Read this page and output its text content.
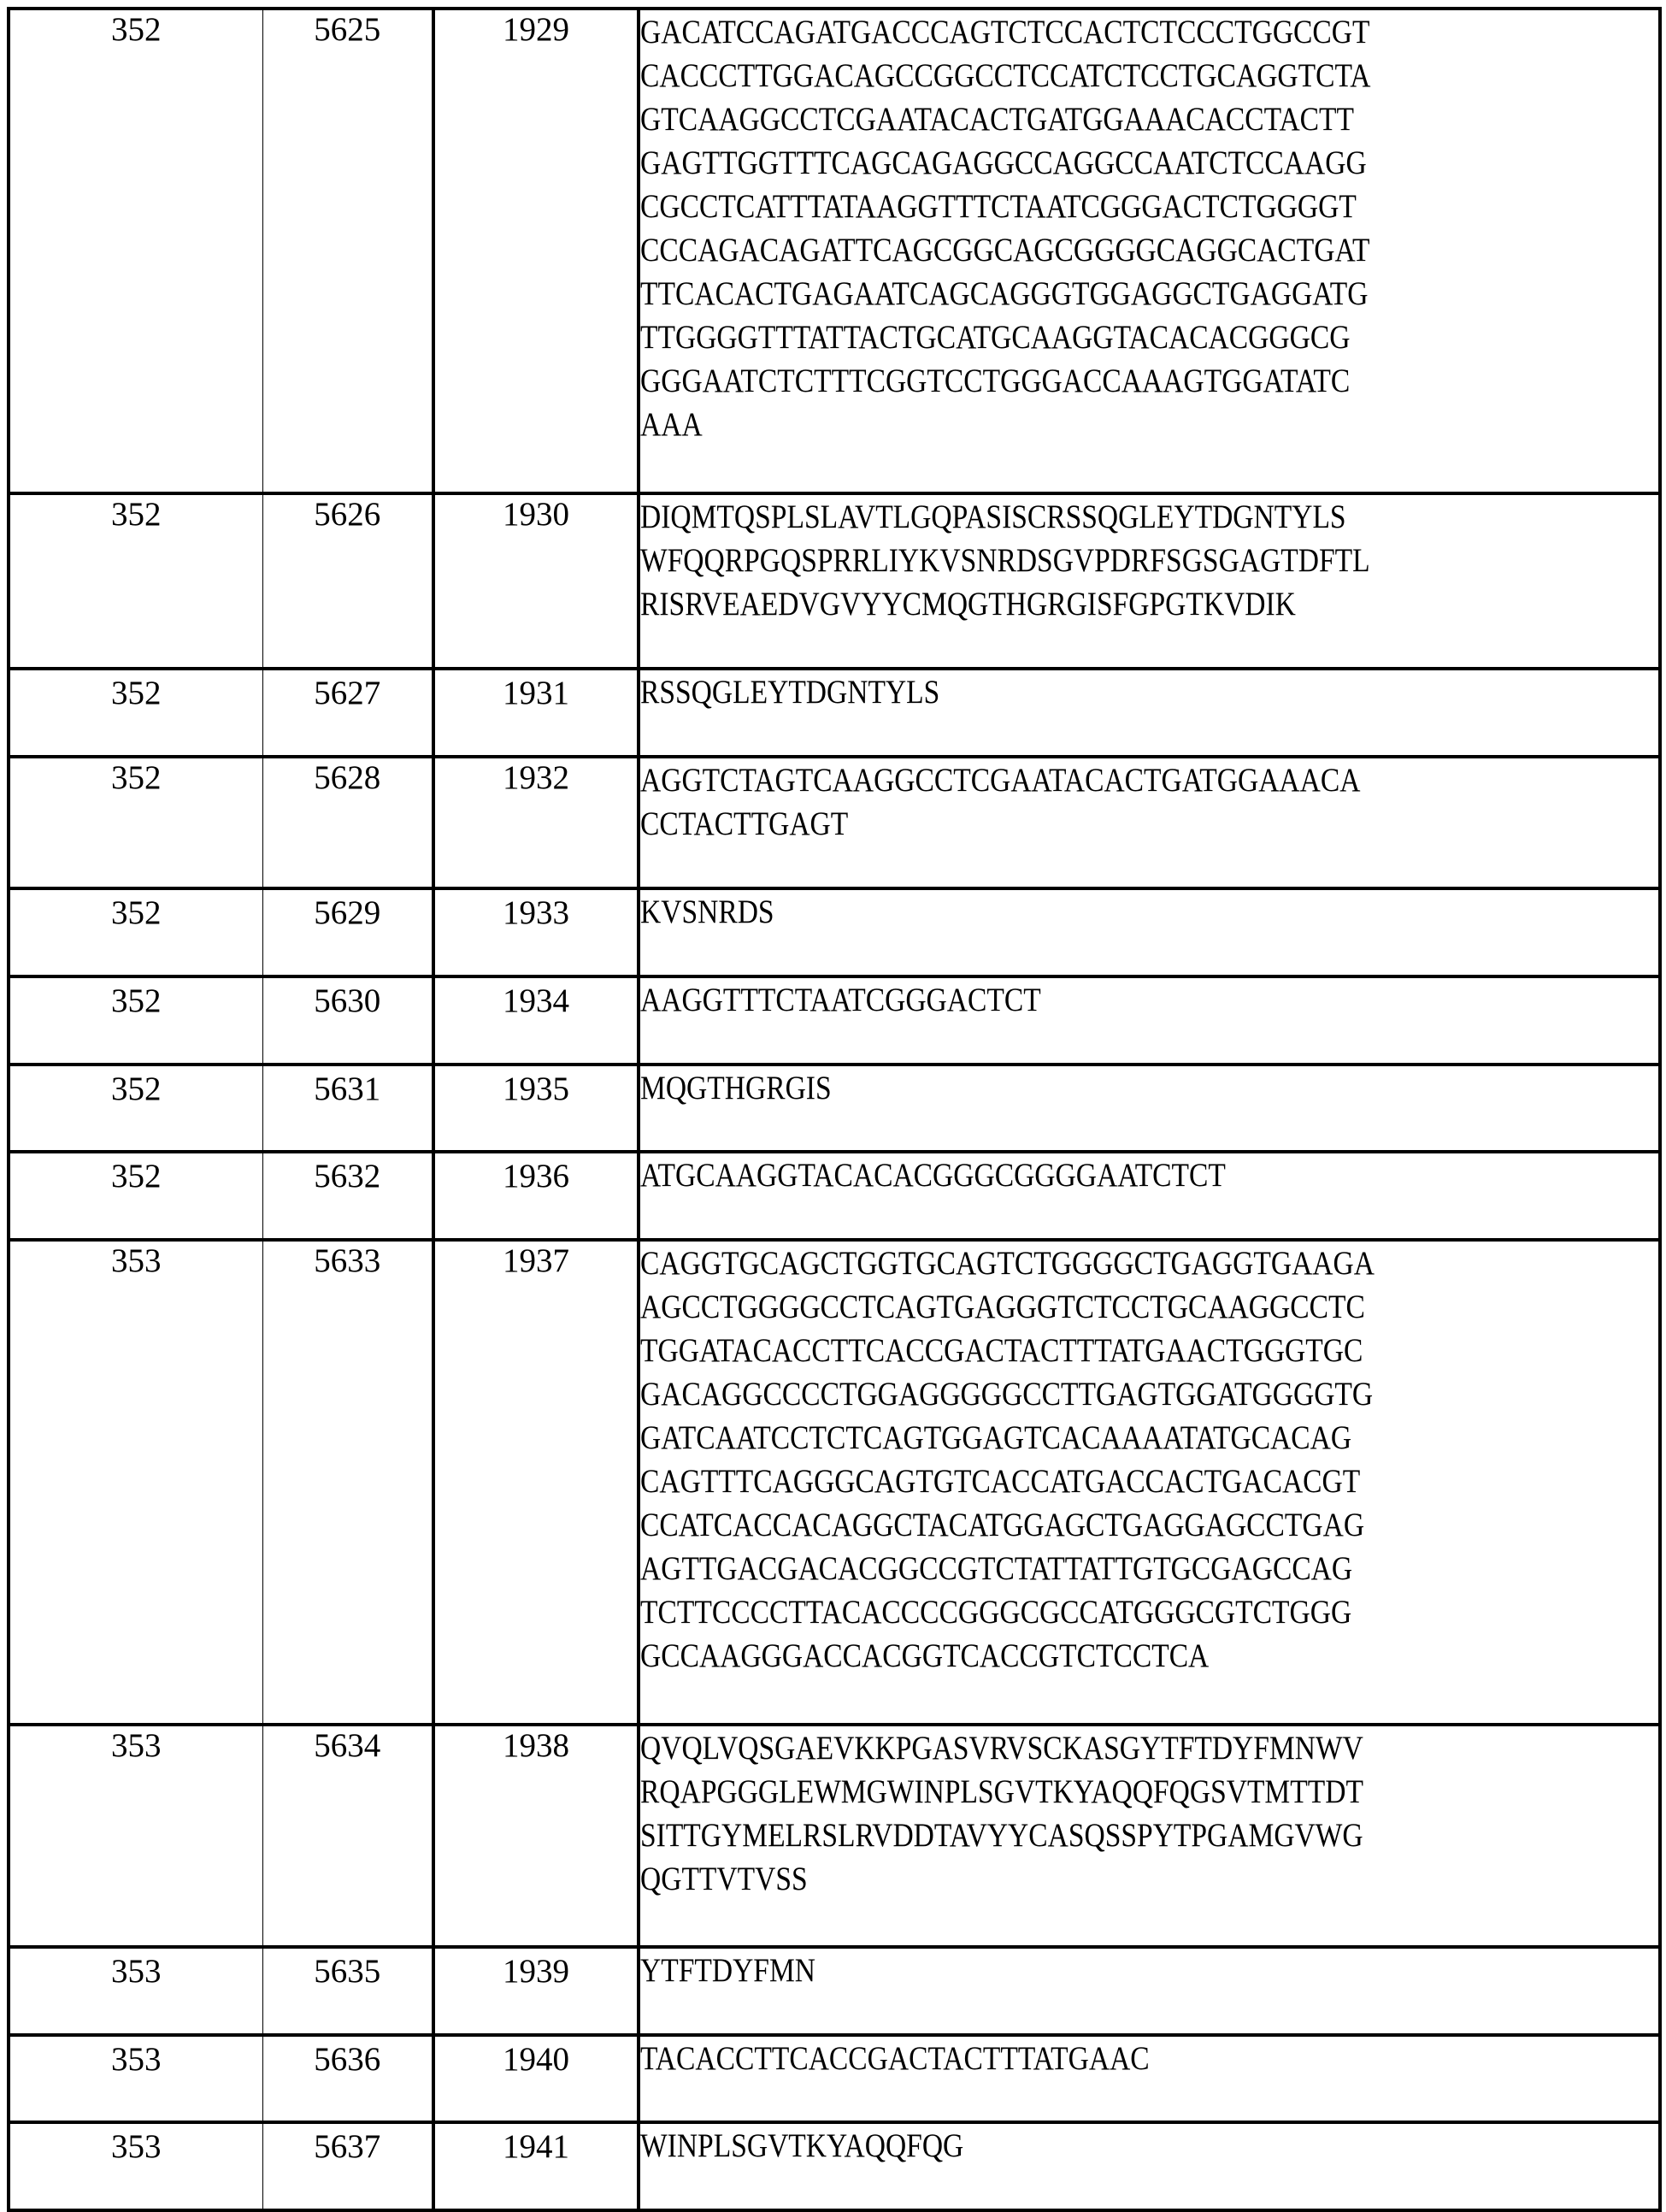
352	5625	1929	GACATCCAGATGACCCAGTCTCCACTCTCCCTGGCCGT
CACCCTTGGACAGCCGGCCTCCATCTCCTGCAGGTCTA
GTCAAGGCCTCGAATACACTGATGGAAACACCTACTT
GAGTTGGTTTCAGCAGAGGCCAGGCCAATCTCCAAGG
CGCCTCATTTATAAGGTTTCTAATCGGGACTCTGGGGT
CCCAGACAGATTCAGCGGCAGCGGGGCAGGCACTGAT
TTCACACTGAGAATCAGCAGGGTGGAGGCTGAGGATG
TTGGGGTTTATTACTGCATGCAAGGTACACACGGGCG
GGGAATCTCTTTCGGTCCTGGGACCAAAGTGGATATC
AAA

352	5626	1930	DIQMTQSPLSLAVTLGQPASISCRSSQGLEYTDGNTYLS
WFQQRPGQSPRRLIYKVSNRDSGVPDRFSGSGAGTDFTL
RISRVEAEDVGVYYCMQGTHGRGISFGPGTKVDIK

352	5627	1931	RSSQGLEYTDGNTYLS

352	5628	1932	AGGTCTAGTCAAGGCCTCGAATACACTGATGGAAACA
CCTACTTGAGT

352	5629	1933	KVSNRDS

352	5630	1934	AAGGTTTCTAATCGGGACTCT

352	5631	1935	MQGTHGRGIS

352	5632	1936	ATGCAAGGTACACACGGGCGGGGAATCTCT

353	5633	1937	CAGGTGCAGCTGGTGCAGTCTGGGGCTGAGGTGAAGA
AGCCTGGGGCCTCAGTGAGGGTCTCCTGCAAGGCCTC
TGGATACACCTTCACCGACTACTTTATGAACTGGGTGC
GACAGGCCCCTGGAGGGGGCCTTGAGTGGATGGGGTG
GATCAATCCTCTCAGTGGAGTCACAAAATATGCACAG
CAGTTTCAGGGCAGTGTCACCATGACCACTGACACGT
CCATCACCACAGGCTACATGGAGCTGAGGAGCCTGAG
AGTTGACGACACGGCCGTCTATTATTGTGCGAGCCAG
TCTTCCCCTTACACCCCGGGCGCCATGGGCGTCTGGG
GCCAAGGGACCACGGTCACCGTCTCCTCA

353	5634	1938	QVQLVQSGAEVKKPGASVRVSCKASGYTFTDYFMNWV
RQAPGGGLEWMGWINPLSGVTKYAQQFQGSVTMTTDT
SITTGYMELRSLRVDDTAVYYCASQSSPYTPGAMGVWG
QGTTVTVSS

353	5635	1939	YTFTDYFMN

353	5636	1940	TACACCTTCACCGACTACTTTATGAAC

353	5637	1941	WINPLSGVTKYAQQFQG
